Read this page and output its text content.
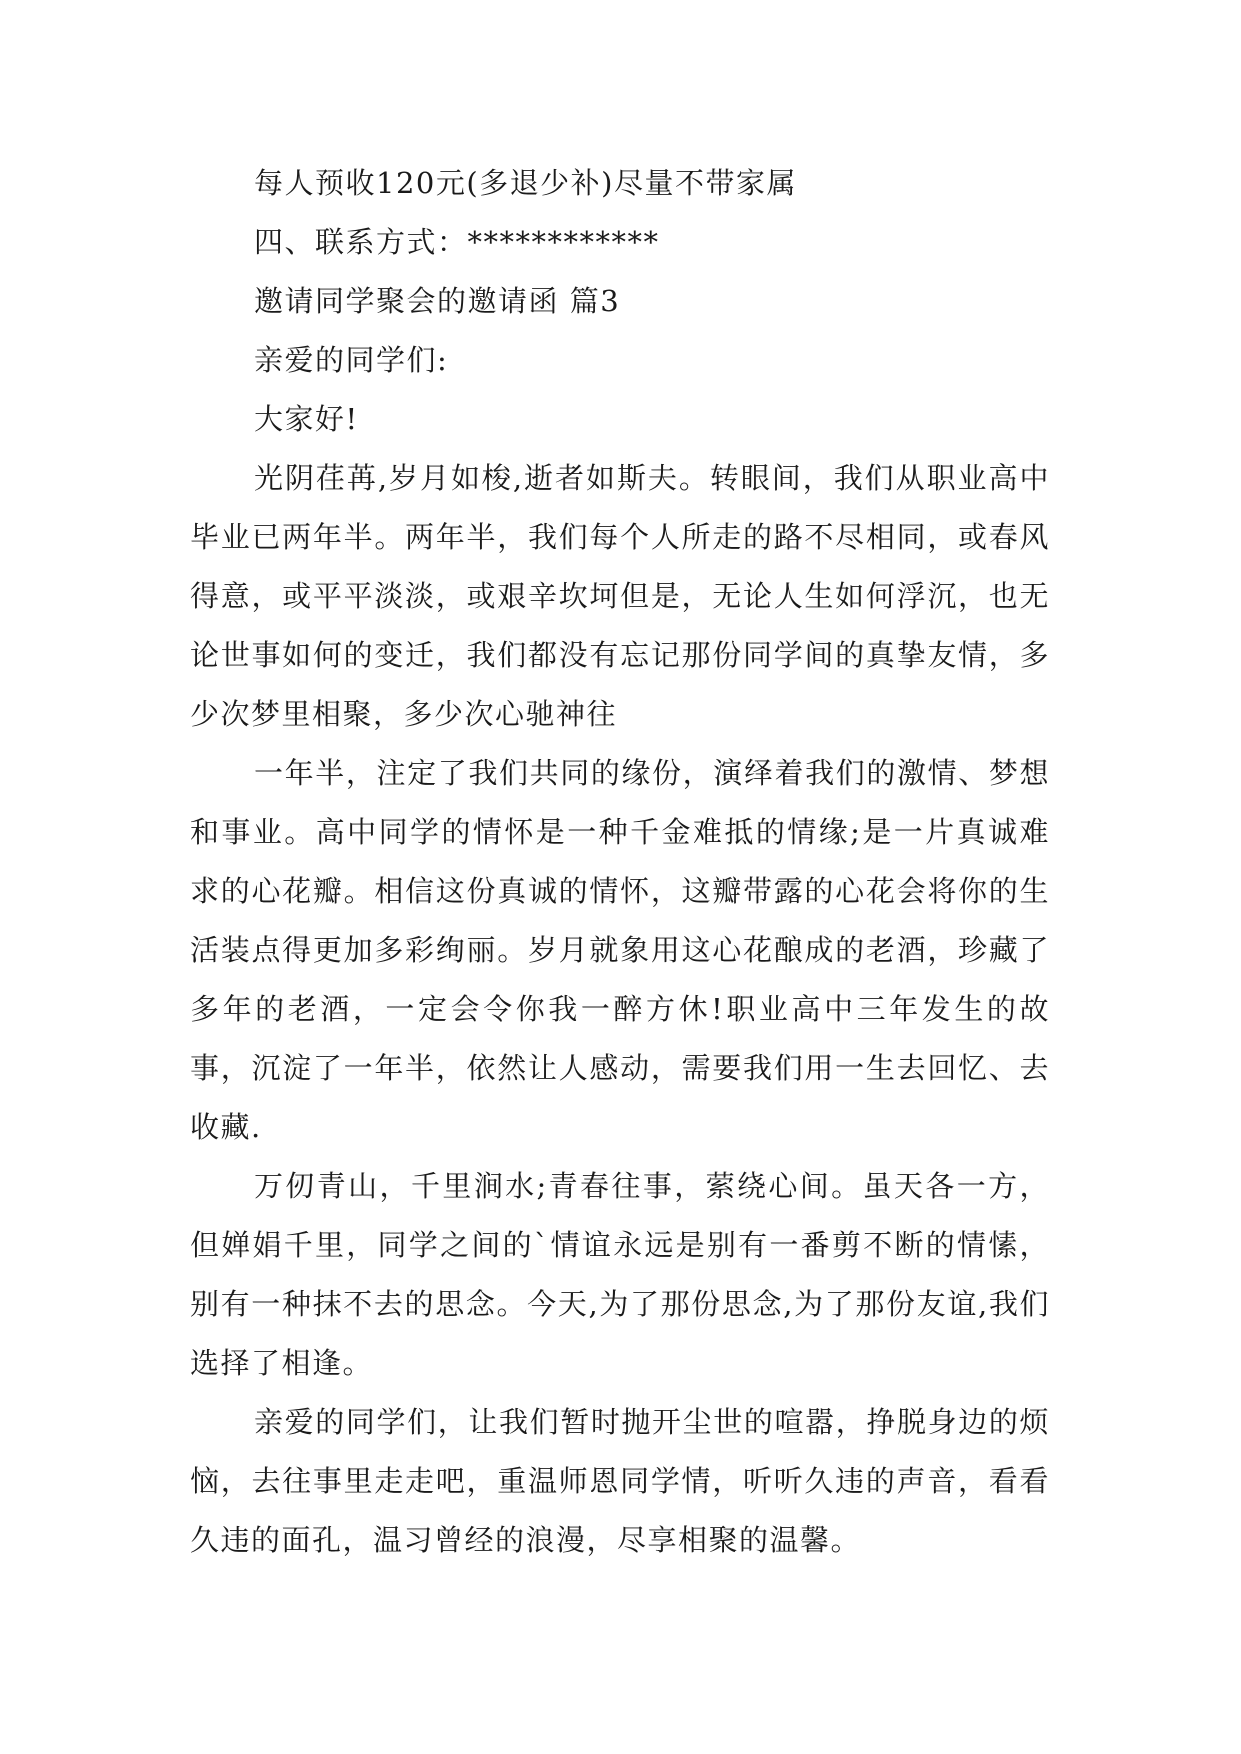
每人预收120元(多退少补)尽量不带家属

四、联系方式：************

邀请同学聚会的邀请函 篇3

亲爱的同学们:

大家好!

光阴荏苒,岁月如梭,逝者如斯夫。转眼间，我们从职业高中毕业已两年半。两年半，我们每个人所走的路不尽相同，或春风得意，或平平淡淡，或艰辛坎坷但是，无论人生如何浮沉，也无论世事如何的变迁，我们都没有忘记那份同学间的真挚友情，多少次梦里相聚，多少次心驰神往

一年半，注定了我们共同的缘份，演绎着我们的激情、梦想和事业。高中同学的情怀是一种千金难抵的情缘;是一片真诚难求的心花瓣。相信这份真诚的情怀，这瓣带露的心花会将你的生活装点得更加多彩绚丽。岁月就象用这心花酿成的老酒，珍藏了多年的老酒，一定会令你我一醉方休!职业高中三年发生的故事，沉淀了一年半，依然让人感动，需要我们用一生去回忆、去收藏.

万仞青山，千里涧水;青春往事，萦绕心间。虽天各一方，但婵娟千里，同学之间的`情谊永远是别有一番剪不断的情愫，别有一种抹不去的思念。今天,为了那份思念,为了那份友谊,我们选择了相逢。

亲爱的同学们，让我们暂时抛开尘世的喧嚣，挣脱身边的烦恼，去往事里走走吧，重温师恩同学情，听听久违的声音，看看久违的面孔，温习曾经的浪漫，尽享相聚的温馨。
